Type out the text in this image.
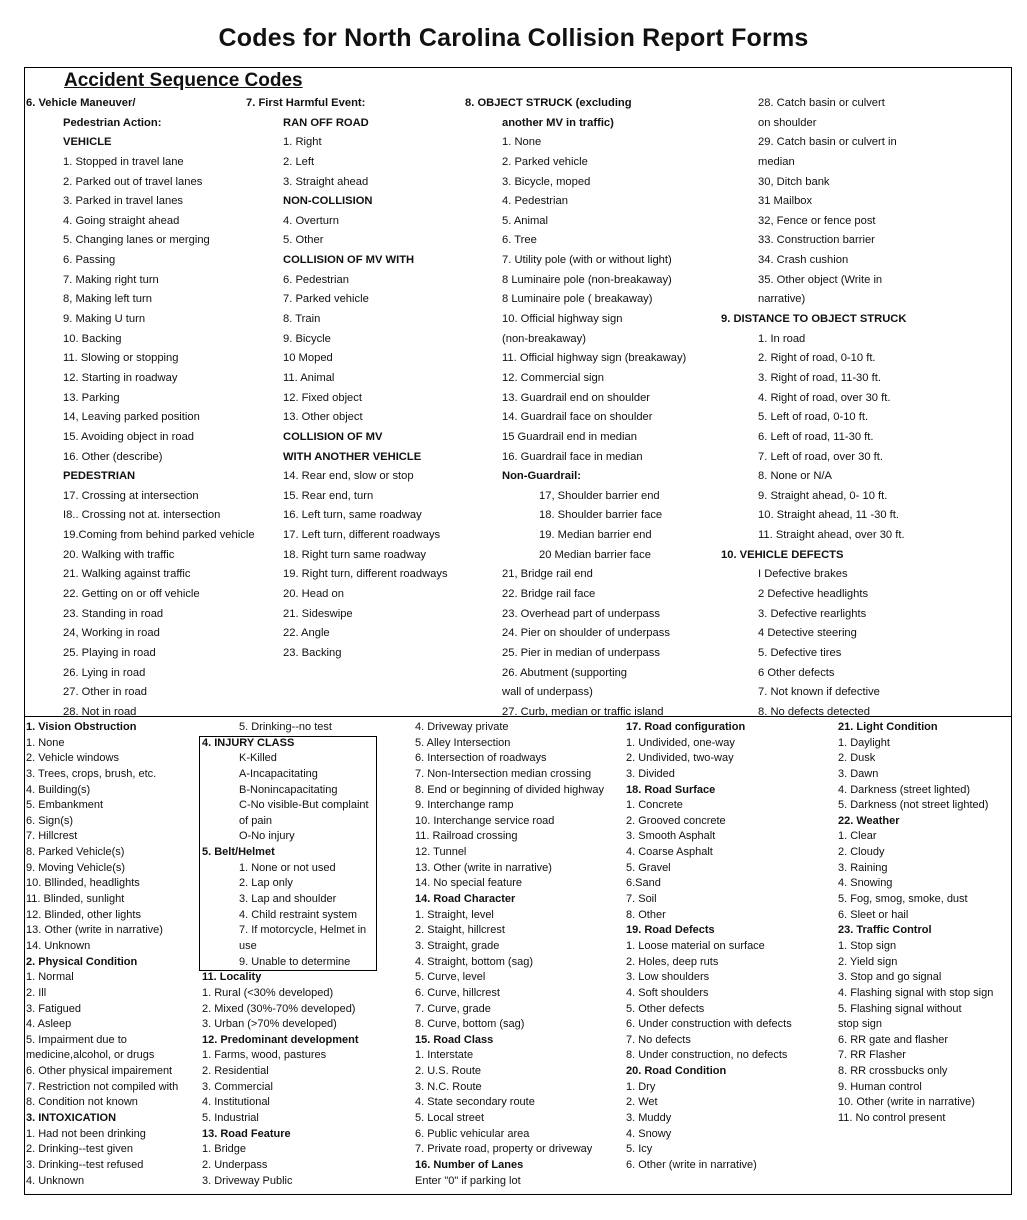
Codes for North Carolina Collision Report Forms
Accident Sequence Codes
6. Vehicle Maneuver/
Pedestrian Action:
VEHICLE
1. Stopped in travel lane
2. Parked out of travel lanes
3. Parked in travel lanes
4. Going straight ahead
5. Changing lanes or merging
6. Passing
7. Making right turn
8, Making left turn
9. Making U turn
10. Backing
11. Slowing or stopping
12. Starting in roadway
13. Parking
14, Leaving parked position
15. Avoiding object in road
16. Other (describe)
PEDESTRIAN
17. Crossing at intersection
I8.. Crossing not at. intersection
19.Coming from behind parked vehicle
20. Walking with traffic
21. Walking against traffic
22. Getting on or off vehicle
23. Standing in road
24, Working in road
25. Playing in road
26. Lying in road
27. Other in road
28. Not in road
7. First Harmful Event:
RAN OFF ROAD
1. Right
2. Left
3. Straight ahead
NON-COLLISION
4. Overturn
5. Other
COLLISION OF MV WITH
6. Pedestrian
7. Parked vehicle
8. Train
9. Bicycle
10 Moped
11. Animal
12. Fixed object
13. Other object
COLLISION OF MV
WITH ANOTHER VEHICLE
14. Rear end, slow or stop
15. Rear end, turn
16. Left turn, same roadway
17. Left turn, different roadways
18. Right turn same roadway
19. Right turn, different roadways
20. Head on
21. Sideswipe
22. Angle
23. Backing
8. OBJECT STRUCK (excluding
another MV in traffic)
1. None
2. Parked vehicle
3. Bicycle, moped
4. Pedestrian
5. Animal
6. Tree
7. Utility pole (with or without light)
8 Luminaire pole (non-breakaway)
8 Luminaire pole ( breakaway)
10. Official highway sign
(non-breakaway)
11. Official highway sign (breakaway)
12. Commercial sign
13. Guardrail end on shoulder
14. Guardrail face on shoulder
15 Guardrail end in median
16. Guardrail face in median
Non-Guardrail:
17, Shoulder barrier end
18. Shoulder barrier face
19. Median barrier end
20 Median barrier face
21, Bridge rail end
22. Bridge rail face
23. Overhead part of underpass
24. Pier on shoulder of underpass
25. Pier in median of underpass
26. Abutment (supporting
wall of underpass)
27. Curb, median or traffic island
28. Catch basin or culvert
on shoulder
29. Catch basin or culvert in
median
30, Ditch bank
31 Mailbox
32, Fence or fence post
33. Construction barrier
34. Crash cushion
35. Other object (Write in
narrative)
9. DISTANCE TO OBJECT STRUCK
1. In road
2. Right of road, 0-10 ft.
3. Right of road, 11-30 ft.
4. Right of road, over 30 ft.
5. Left of road, 0-10 ft.
6. Left of road, 11-30 ft.
7. Left of road, over 30 ft.
8. None or N/A
9. Straight ahead, 0- 10 ft.
10. Straight ahead, 11 -30 ft.
11. Straight ahead, over 30 ft.
10. VEHICLE DEFECTS
I Defective brakes
2 Defective headlights
3. Defective rearlights
4 Detective steering
5. Defective tires
6 Other defects
7. Not known if defective
8. No defects detected
1. Vision Obstruction
1. None
2. Vehicle windows
3. Trees, crops, brush, etc.
4. Building(s)
5. Embankment
6. Sign(s)
7. Hillcrest
8. Parked Vehicle(s)
9. Moving Vehicle(s)
10. Bllinded, headlights
11. Blinded, sunlight
12. Blinded, other lights
13. Other (write in narrative)
14. Unknown
2. Physical Condition
1. Normal
2. Ill
3. Fatigued
4. Asleep
5. Impairment due to
medicine,alcohol, or drugs
6. Other physical impairement
7. Restriction not compiled with
8. Condition not known
3. INTOXICATION
1. Had not been drinking
2. Drinking--test given
3. Drinking--test refused
4. Unknown
5. Drinking--no test
4. INJURY CLASS
K-Killed
A-Incapacitating
B-Nonincapacitating
C-No visible-But complaint
of pain
O-No injury
5. Belt/Helmet
1. None or not used
2. Lap only
3. Lap and shoulder
4. Child restraint system
7. If motorcycle, Helmet in
use
9. Unable to determine
11. Locality
1. Rural (<30% developed)
2. Mixed (30%-70% developed)
3. Urban (>70% developed)
12. Predominant development
1. Farms, wood, pastures
2. Residential
3. Commercial
4. Institutional
5. Industrial
13. Road Feature
1. Bridge
2. Underpass
3. Driveway Public
4. Driveway private
5. Alley Intersection
6. Intersection of roadways
7. Non-Intersection median crossing
8. End or beginning of divided highway
9. Interchange ramp
10. Interchange service road
11. Railroad crossing
12. Tunnel
13. Other (write in narrative)
14. No special feature
14. Road Character
1. Straight, level
2. Staight, hillcrest
3. Straight, grade
4. Straight, bottom (sag)
5. Curve, level
6. Curve, hillcrest
7. Curve, grade
8. Curve, bottom (sag)
15. Road Class
1. Interstate
2. U.S. Route
3. N.C. Route
4. State secondary route
5. Local street
6. Public vehicular area
7. Private road, property or driveway
16. Number of Lanes
Enter "0" if parking lot
17. Road configuration
1. Undivided, one-way
2. Undivided, two-way
3. Divided
18. Road Surface
1. Concrete
2. Grooved concrete
3. Smooth Asphalt
4. Coarse Asphalt
5. Gravel
6.Sand
7. Soil
8. Other
19. Road Defects
1. Loose material on surface
2. Holes, deep ruts
3. Low shoulders
4. Soft shoulders
5. Other defects
6. Under construction with defects
7. No defects
8. Under construction, no defects
20. Road Condition
1. Dry
2. Wet
3. Muddy
4. Snowy
5. Icy
6. Other (write in narrative)
21. Light Condition
1. Daylight
2. Dusk
3. Dawn
4. Darkness (street lighted)
5. Darkness (not street lighted)
22. Weather
1. Clear
2. Cloudy
3. Raining
4. Snowing
5. Fog, smog, smoke, dust
6. Sleet or hail
23. Traffic Control
1. Stop sign
2. Yield sign
3. Stop and go signal
4. Flashing signal with stop sign
5. Flashing signal without
stop sign
6. RR gate and flasher
7. RR Flasher
8. RR crossbucks only
9. Human control
10. Other (write in narrative)
11. No control present
